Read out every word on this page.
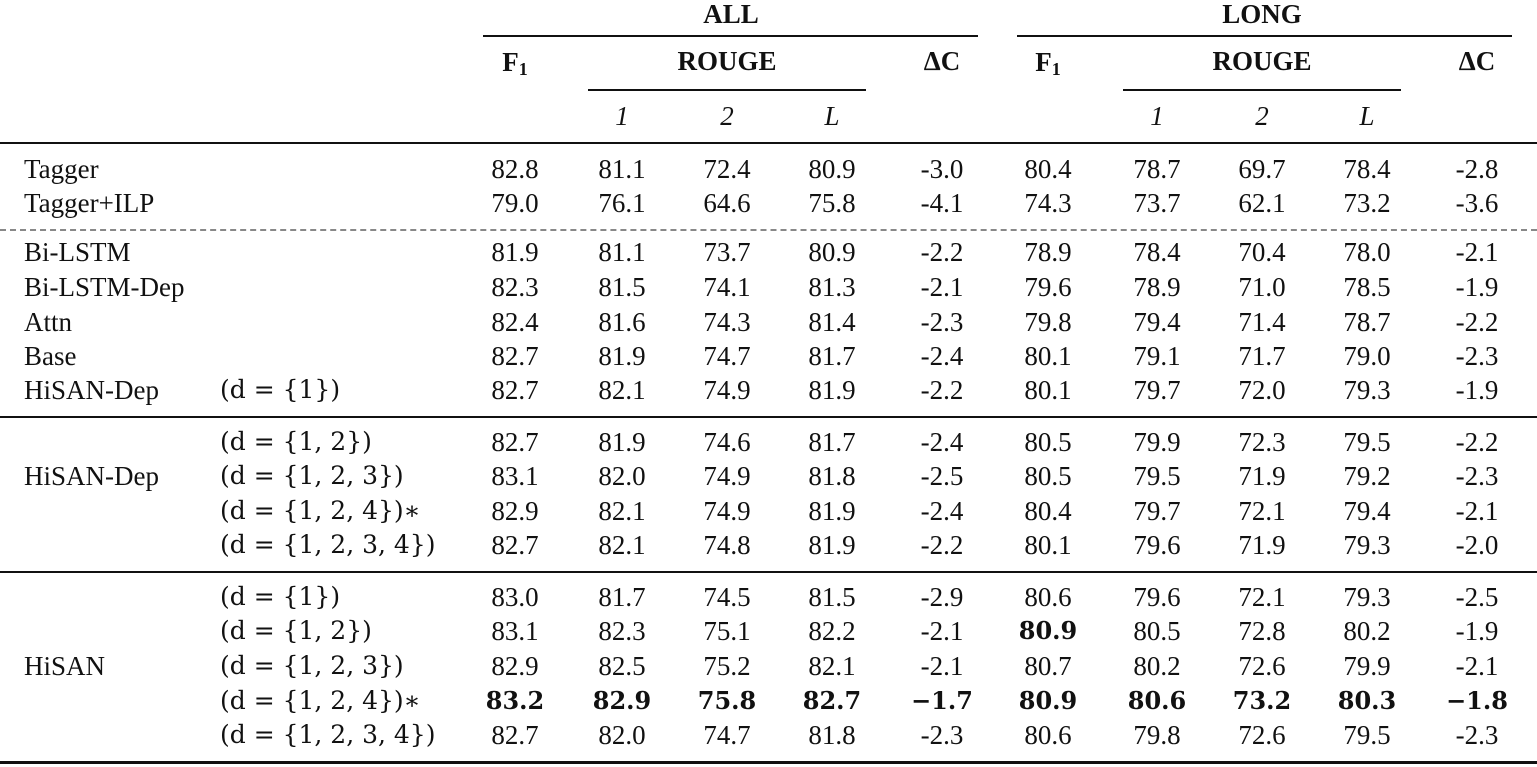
ALL	LONG
$F_1$	ROUGE	ΔC	$F_1$	ROUGE	ΔC
1	2	L	1	2	L
Tagger	82.8 81.1 72.4 80.9 -3.0 80.4 78.7 69.7 78.4 -2.8
Tagger+ILP	79.0 76.1 64.6 75.8 -4.1 74.3 73.7 62.1 73.2 -3.6
Bi-LSTM	81.9 81.1 73.7 80.9 -2.2 78.9 78.4 70.4 78.0 -2.1
Bi-LSTM-Dep	82.3 81.5 74.1 81.3 -2.1 79.6 78.9 71.0 78.5 -1.9
Attn	82.4 81.6 74.3 81.4 -2.3 79.8 79.4 71.4 78.7 -2.2
Base	82.7 81.9 74.7 81.7 -2.4 80.1 79.1 71.7 79.0 -2.3
HiSAN-Dep (d = {1})	82.7 82.1 74.9 81.9 -2.2 80.1 79.7 72.0 79.3 -1.9
(d = {1, 2})	82.7 81.9 74.6 81.7 -2.4 80.5 79.9 72.3 79.5 -2.2
HiSAN-Dep (d = {1, 2, 3})	83.1 82.0 74.9 81.8 -2.5 80.5 79.5 71.9 79.2 -2.3
(d = {1, 2, 4})∗	82.9 82.1 74.9 81.9 -2.4 80.4 79.7 72.1 79.4 -2.1
(d = {1, 2, 3, 4}) 82.7 82.1 74.8 81.9 -2.2 80.1 79.6 71.9 79.3 -2.0
(d = {1})	83.0 81.7 74.5 81.5 -2.9 80.6 79.6 72.1 79.3 -2.5
(d = {1, 2})	83.1 82.3 75.1 82.2 -2.1 80.9 80.5 72.8 80.2 -1.9
HiSAN	(d = {1, 2, 3})	82.9 82.5 75.2 82.1 -2.1 80.7 80.2 72.6 79.9 -2.1
(d = {1, 2, 4})∗	83.2 82.9 75.8 82.7 −1.7 80.9 80.6 73.2 80.3 −1.8
(d = {1, 2, 3, 4}) 82.7 82.0 74.7 81.8 -2.3 80.6 79.8 72.6 79.5 -2.3
